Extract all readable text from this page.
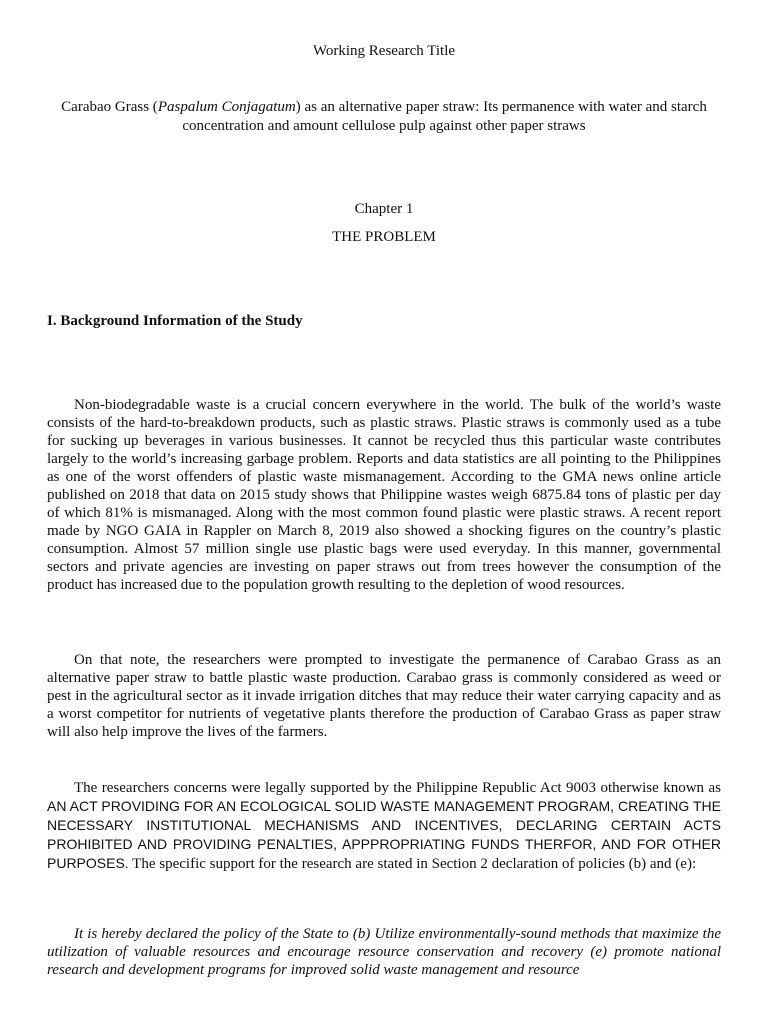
Working Research Title
Carabao Grass (Paspalum Conjagatum) as an alternative paper straw: Its permanence with water and starch concentration and amount cellulose pulp against other paper straws
Chapter 1
THE PROBLEM
I. Background Information of the Study

Non-biodegradable waste is a crucial concern everywhere in the world. The bulk of the world’s waste consists of the hard-to-breakdown products, such as plastic straws. Plastic straws is commonly used as a tube for sucking up beverages in various businesses. It cannot be recycled thus this particular waste contributes largely to the world’s increasing garbage problem. Reports and data statistics are all pointing to the Philippines as one of the worst offenders of plastic waste mismanagement. According to the GMA news online article published on 2018 that data on 2015 study shows that Philippine wastes weigh 6875.84 tons of plastic per day of which 81% is mismanaged. Along with the most common found plastic were plastic straws. A recent report made by NGO GAIA in Rappler on March 8, 2019 also showed a shocking figures on the country’s plastic consumption. Almost 57 million single use plastic bags were used everyday. In this manner, governmental sectors and private agencies are investing on paper straws out from trees however the consumption of the product has increased due to the population growth resulting to the depletion of wood resources.

On that note, the researchers were prompted to investigate the permanence of Carabao Grass as an alternative paper straw to battle plastic waste production. Carabao grass is commonly considered as weed or pest in the agricultural sector as it invade irrigation ditches that may reduce their water carrying capacity and as a worst competitor for nutrients of vegetative plants therefore the production of Carabao Grass as paper straw will also help improve the lives of the farmers.

The researchers concerns were legally supported by the Philippine Republic Act 9003 otherwise known as AN ACT PROVIDING FOR AN ECOLOGICAL SOLID WASTE MANAGEMENT PROGRAM, CREATING THE NECESSARY INSTITUTIONAL MECHANISMS AND INCENTIVES, DECLARING CERTAIN ACTS PROHIBITED AND PROVIDING PENALTIES, APPPROPRIATING FUNDS THERFOR, AND FOR OTHER PURPOSES. The specific support for the research are stated in Section 2 declaration of policies (b) and (e):

It is hereby declared the policy of the State to (b) Utilize environmentally-sound methods that maximize the utilization of valuable resources and encourage resource conservation and recovery (e) promote national research and development programs for improved solid waste management and resource
